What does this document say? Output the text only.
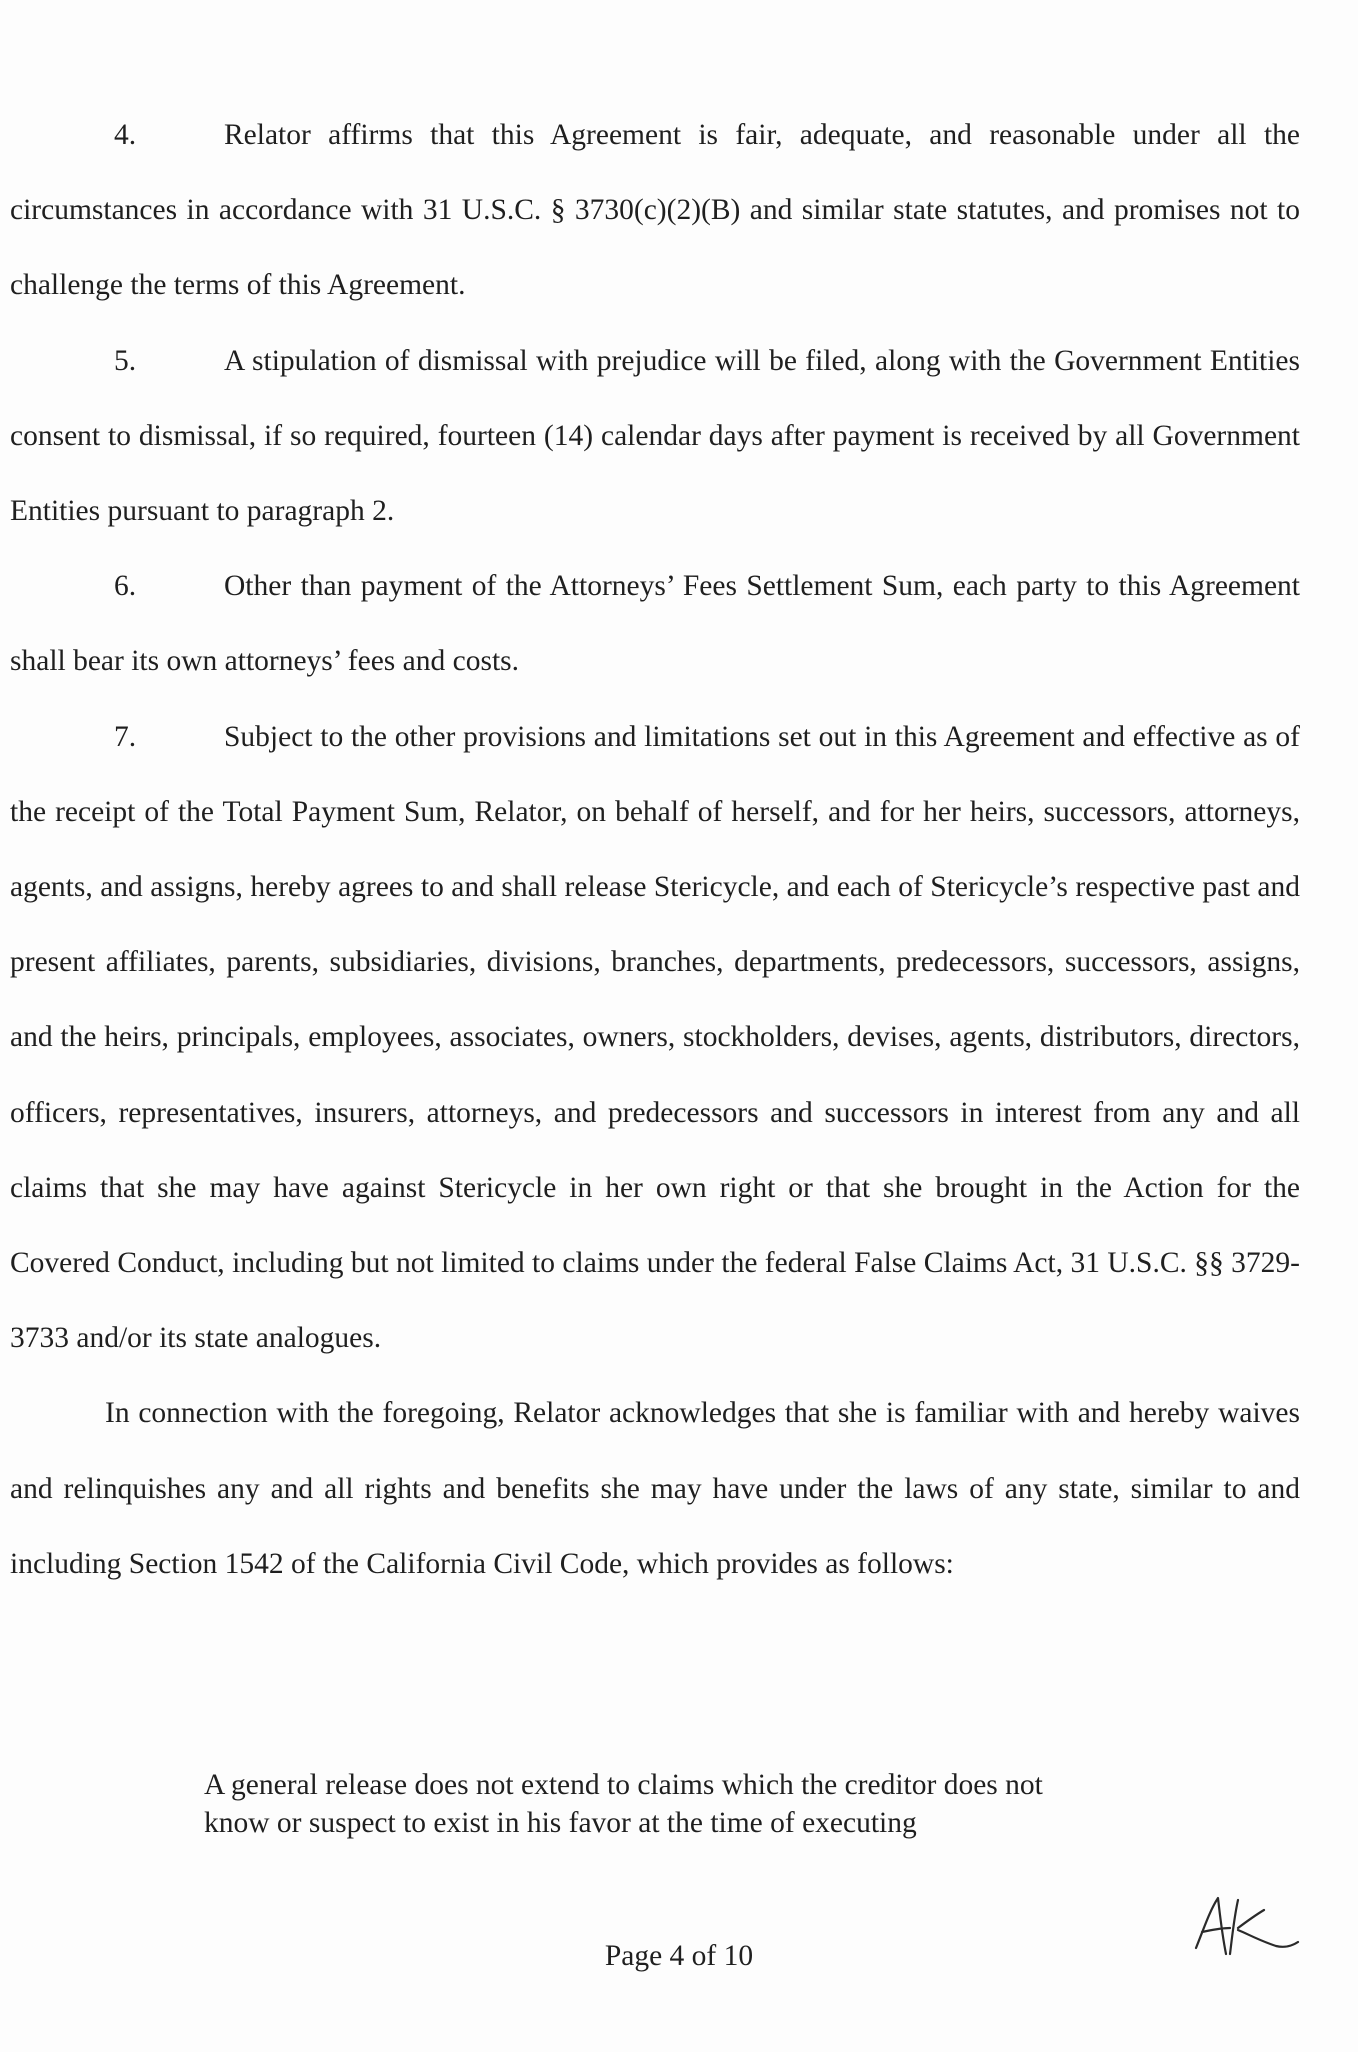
4.	Relator affirms that this Agreement is fair, adequate, and reasonable under all the circumstances in accordance with 31 U.S.C. § 3730(c)(2)(B) and similar state statutes, and promises not to challenge the terms of this Agreement.

5.	A stipulation of dismissal with prejudice will be filed, along with the Government Entities consent to dismissal, if so required, fourteen (14) calendar days after payment is received by all Government Entities pursuant to paragraph 2.

6.	Other than payment of the Attorneys’ Fees Settlement Sum, each party to this Agreement shall bear its own attorneys’ fees and costs.

7.	Subject to the other provisions and limitations set out in this Agreement and effective as of the receipt of the Total Payment Sum, Relator, on behalf of herself, and for her heirs, successors, attorneys, agents, and assigns, hereby agrees to and shall release Stericycle, and each of Stericycle’s respective past and present affiliates, parents, subsidiaries, divisions, branches, departments, predecessors, successors, assigns, and the heirs, principals, employees, associates, owners, stockholders, devises, agents, distributors, directors, officers, representatives, insurers, attorneys, and predecessors and successors in interest from any and all claims that she may have against Stericycle in her own right or that she brought in the Action for the Covered Conduct, including but not limited to claims under the federal False Claims Act, 31 U.S.C. §§ 3729-3733 and/or its state analogues.

In connection with the foregoing, Relator acknowledges that she is familiar with and hereby waives and relinquishes any and all rights and benefits she may have under the laws of any state, similar to and including Section 1542 of the California Civil Code, which provides as follows:

A general release does not extend to claims which the creditor does not know or suspect to exist in his favor at the time of executing

Page 4 of 10
